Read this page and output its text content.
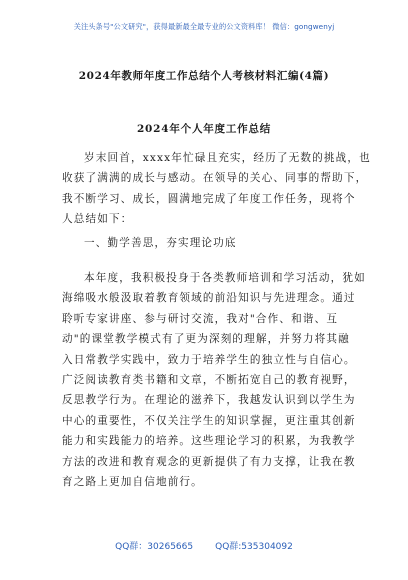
关注头条号"公文研究"，获得最新最全最专业的公文资料库！ 微信：gongwenyj
2024年教师年度工作总结个人考核材料汇编(4篇)
2024年个人年度工作总结
岁末回首，xxxx年忙碌且充实，经历了无数的挑战，也
收获了满满的成长与感动。在领导的关心、同事的帮助下，
我不断学习、成长，圆满地完成了年度工作任务，现将个
人总结如下：
一、勤学善思，夯实理论功底
本年度，我积极投身于各类教师培训和学习活动，犹如
海绵吸水般汲取着教育领域的前沿知识与先进理念。通过
聆听专家讲座、参与研讨交流，我对"合作、和谐、互
动"的课堂教学模式有了更为深刻的理解，并努力将其融
入日常教学实践中，致力于培养学生的独立性与自信心。
广泛阅读教育类书籍和文章，不断拓宽自己的教育视野，
反思教学行为。在理论的滋养下，我越发认识到以学生为
中心的重要性，不仅关注学生的知识掌握，更注重其创新
能力和实践能力的培养。这些理论学习的积累，为我教学
方法的改进和教育观念的更新提供了有力支撑，让我在教
育之路上更加自信地前行。
QQ群：30265665 QQ群:535304092
